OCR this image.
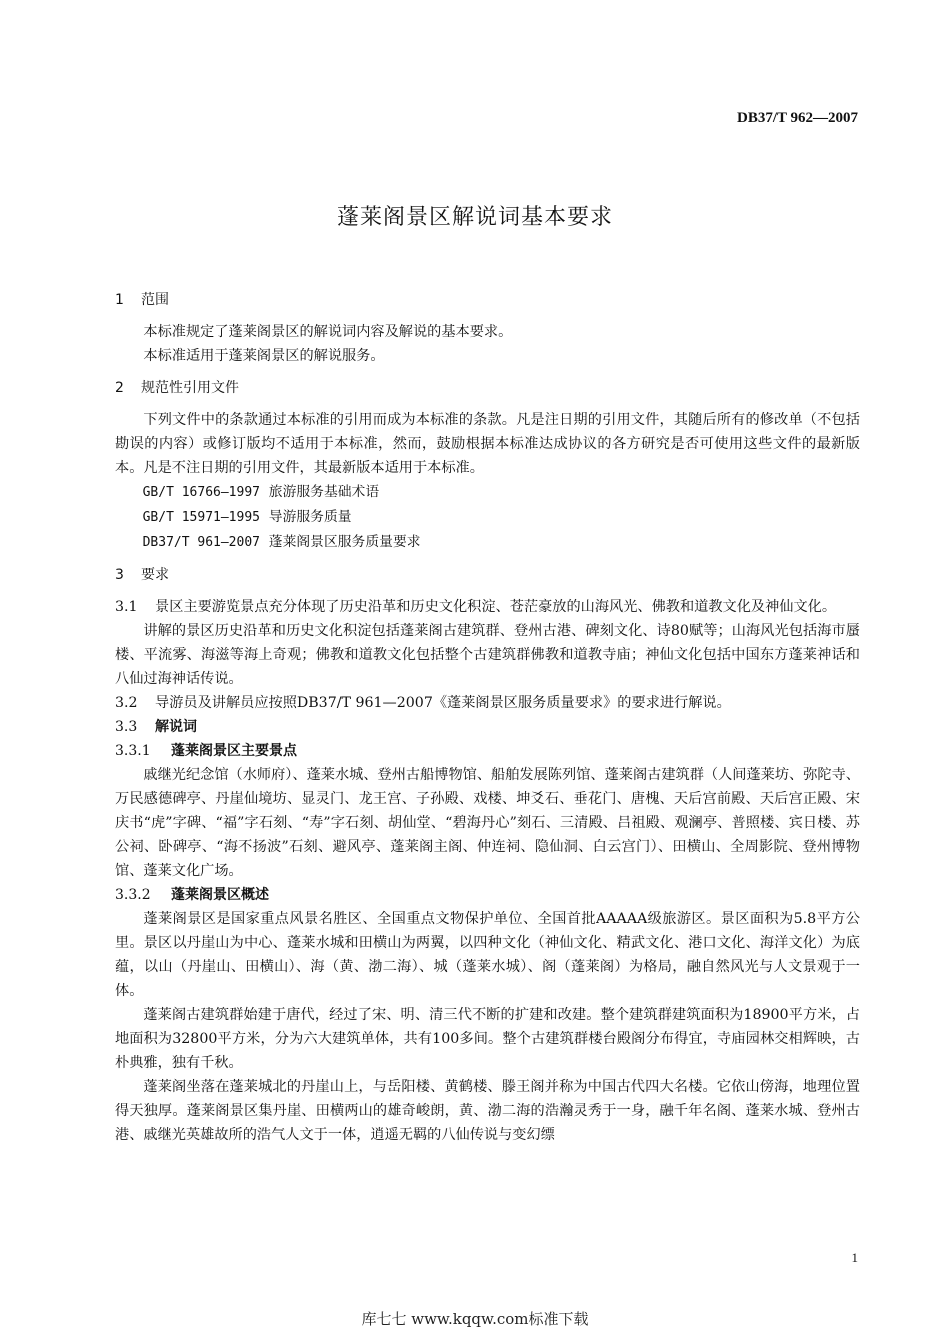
DB37/T 962—2007
蓬莱阁景区解说词基本要求
1 范围

本标准规定了蓬莱阁景区的解说词内容及解说的基本要求。

本标准适用于蓬莱阁景区的解说服务。

2 规范性引用文件

下列文件中的条款通过本标准的引用而成为本标准的条款。凡是注日期的引用文件，其随后所有的修改单（不包括勘误的内容）或修订版均不适用于本标准，然而，鼓励根据本标准达成协议的各方研究是否可使用这些文件的最新版本。凡是不注日期的引用文件，其最新版本适用于本标准。

GB/T 16766—1997 旅游服务基础术语
GB/T 15971—1995 导游服务质量
DB37/T 961—2007 蓬莱阁景区服务质量要求
3 要求

3.1 景区主要游览景点充分体现了历史沿革和历史文化积淀、苍茫豪放的山海风光、佛教和道教文化及神仙文化。

讲解的景区历史沿革和历史文化积淀包括蓬莱阁古建筑群、登州古港、碑刻文化、诗80赋等；山海风光包括海市蜃楼、平流雾、海滋等海上奇观；佛教和道教文化包括整个古建筑群佛教和道教寺庙；神仙文化包括中国东方蓬莱神话和八仙过海神话传说。

3.2 导游员及讲解员应按照DB37/T 961—2007《蓬莱阁景区服务质量要求》的要求进行解说。

3.3 解说词
3.3.1 蓬莱阁景区主要景点

戚继光纪念馆（水师府）、蓬莱水城、登州古船博物馆、船舶发展陈列馆、蓬莱阁古建筑群（人间蓬莱坊、弥陀寺、万民感德碑亭、丹崖仙境坊、显灵门、龙王宫、子孙殿、戏楼、坤爻石、垂花门、唐槐、天后宫前殿、天后宫正殿、宋庆书“虎”字碑、“福”字石刻、“寿”字石刻、胡仙堂、“碧海丹心”刻石、三清殿、吕祖殿、观澜亭、普照楼、宾日楼、苏公祠、卧碑亭、“海不扬波”石刻、避风亭、蓬莱阁主阁、仲连祠、隐仙洞、白云宫门）、田横山、全周影院、登州博物馆、蓬莱文化广场。

3.3.2 蓬莱阁景区概述

蓬莱阁景区是国家重点风景名胜区、全国重点文物保护单位、全国首批AAAAA级旅游区。景区面积为5.8平方公里。景区以丹崖山为中心、蓬莱水城和田横山为两翼，以四种文化（神仙文化、精武文化、港口文化、海洋文化）为底蕴，以山（丹崖山、田横山）、海（黄、渤二海）、城（蓬莱水城）、阁（蓬莱阁）为格局，融自然风光与人文景观于一体。

蓬莱阁古建筑群始建于唐代，经过了宋、明、清三代不断的扩建和改建。整个建筑群建筑面积为18900平方米，占地面积为32800平方米，分为六大建筑单体，共有100多间。整个古建筑群楼台殿阁分布得宜，寺庙园林交相辉映，古朴典雅，独有千秋。

蓬莱阁坐落在蓬莱城北的丹崖山上，与岳阳楼、黄鹤楼、滕王阁并称为中国古代四大名楼。它依山傍海，地理位置得天独厚。蓬莱阁景区集丹崖、田横两山的雄奇峻朗，黄、渤二海的浩瀚灵秀于一身，融千年名阁、蓬莱水城、登州古港、戚继光英雄故所的浩气人文于一体，逍遥无羁的八仙传说与变幻缥

1
库七七 www.kqqw.com标准下载
